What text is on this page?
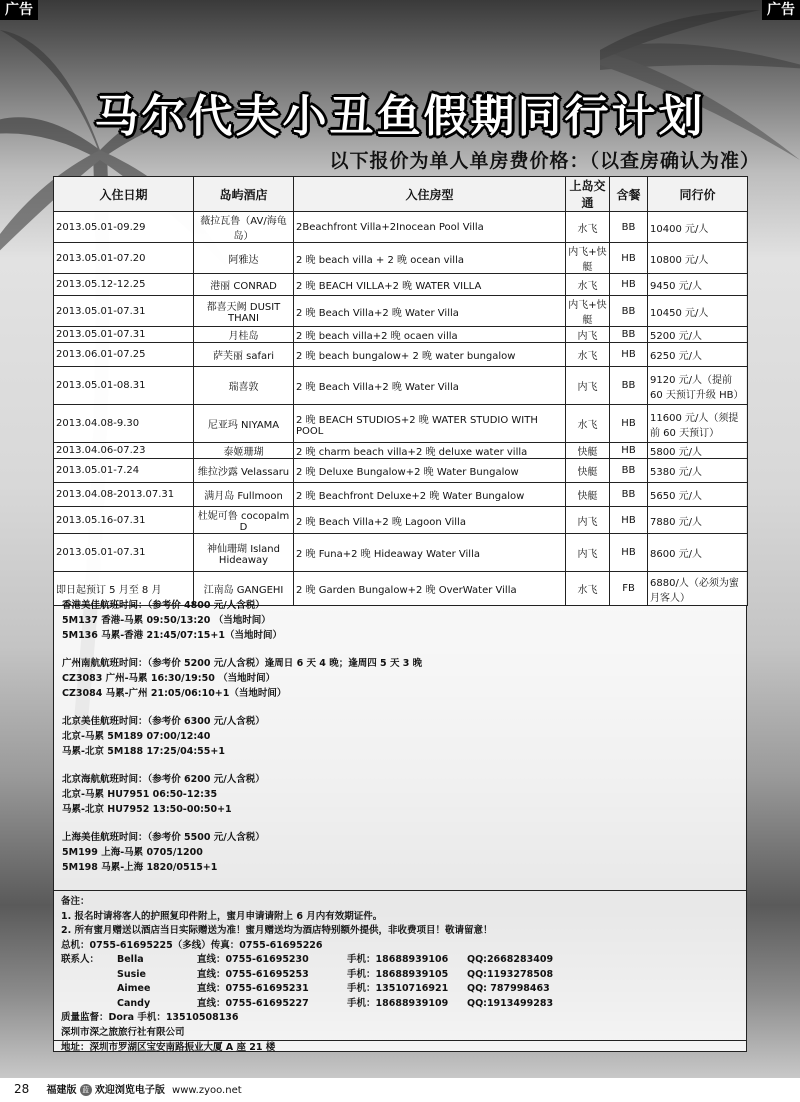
广告	广告
马尔代夫小丑鱼假期同行计划
以下报价为单人单房费价格：（以查房确认为准）
入住日期	岛屿酒店	入住房型	上岛交通	含餐	同行价
2013.05.01-09.29	薇拉瓦鲁（AV/海龟岛）	2Beachfront Villa+2Inocean Pool Villa	水飞	BB	10400 元/人
2013.05.01-07.20	阿雅达	2 晚 beach villa + 2 晚 ocean villa	内飞+快艇	HB	10800 元/人
2013.05.12-12.25	港丽 CONRAD	2 晚 BEACH VILLA+2 晚 WATER VILLA	水飞	HB	9450 元/人
2013.05.01-07.31	都喜天阙 DUSIT THANI	2 晚 Beach Villa+2 晚 Water Villa	内飞+快艇	BB	10450 元/人
2013.05.01-07.31	月桂岛	2 晚 beach villa+2 晚 ocaen villa	内飞	BB	5200 元/人
2013.06.01-07.25	萨芙丽 safari	2 晚 beach bungalow+ 2 晚 water bungalow	水飞	HB	6250 元/人
2013.05.01-08.31	瑞喜敦	2 晚 Beach Villa+2 晚 Water Villa	内飞	BB	9120 元/人（提前 60 天预订升级 HB）
2013.04.08-9.30	尼亚玛 NIYAMA	2 晚 BEACH STUDIOS+2 晚 WATER STUDIO WITH POOL	水飞	HB	11600 元/人（须提前 60 天预订）
2013.04.06-07.23	泰姬珊瑚	2 晚 charm beach villa+2 晚 deluxe water villa	快艇	HB	5800 元/人
2013.05.01-7.24	维拉沙露 Velassaru	2 晚 Deluxe Bungalow+2 晚 Water Bungalow	快艇	BB	5380 元/人
2013.04.08-2013.07.31	满月岛 Fullmoon	2 晚 Beachfront Deluxe+2 晚 Water Bungalow	快艇	BB	5650 元/人
2013.05.16-07.31	杜妮可鲁 cocopalm D	2 晚 Beach Villa+2 晚 Lagoon Villa	内飞	HB	7880 元/人
2013.05.01-07.31	神仙珊瑚 Island Hideaway	2 晚 Funa+2 晚 Hideaway Water Villa	内飞	HB	8600 元/人
即日起预订 5 月至 8 月	江南岛 GANGEHI	2 晚 Garden Bungalow+2 晚 OverWater Villa	水飞	FB	6880/人（必须为蜜月客人）
香港美佳航班时间：（参考价 4800 元/人含税）
5M137 香港-马累 09:50/13:20 （当地时间）
5M136 马累-香港 21:45/07:15+1（当地时间）
广州南航航班时间：（参考价 5200 元/人含税）逢周日 6 天 4 晚；逢周四 5 天 3 晚
CZ3083 广州-马累 16:30/19:50 （当地时间）
CZ3084 马累-广州 21:05/06:10+1（当地时间）
北京美佳航班时间：（参考价 6300 元/人含税）
北京-马累 5M189 07:00/12:40
马累-北京 5M188 17:25/04:55+1
北京海航航班时间：（参考价 6200 元/人含税）
北京-马累 HU7951 06:50-12:35
马累-北京 HU7952 13:50-00:50+1
上海美佳航班时间：（参考价 5500 元/人含税）
5M199 上海-马累 0705/1200
5M198 马累-上海 1820/0515+1
备注：
1. 报名时请将客人的护照复印件附上，蜜月申请请附上 6 月内有效期证件。
2. 所有蜜月赠送以酒店当日实际赠送为准！蜜月赠送均为酒店特别额外提供，非收费项目！敬请留意！
总机：0755-61695225（多线）传真：0755-61695226
联系人：	Bella	直线：0755-61695230	手机：18688939106	QQ:2668283409
Susie	直线：0755-61695253	手机：18688939105	QQ:1193278508
Aimee	直线：0755-61695231	手机：13510716921	QQ: 787998463
Candy	直线：0755-61695227	手机：18688939109	QQ:1913499283
质量监督：Dora 手机：13510508136
深圳市深之旅旅行社有限公司
地址：深圳市罗湖区宝安南路振业大厦 A 座 21 楼
28 福建版 蓝 欢迎浏览电子版 www.zyoo.net
